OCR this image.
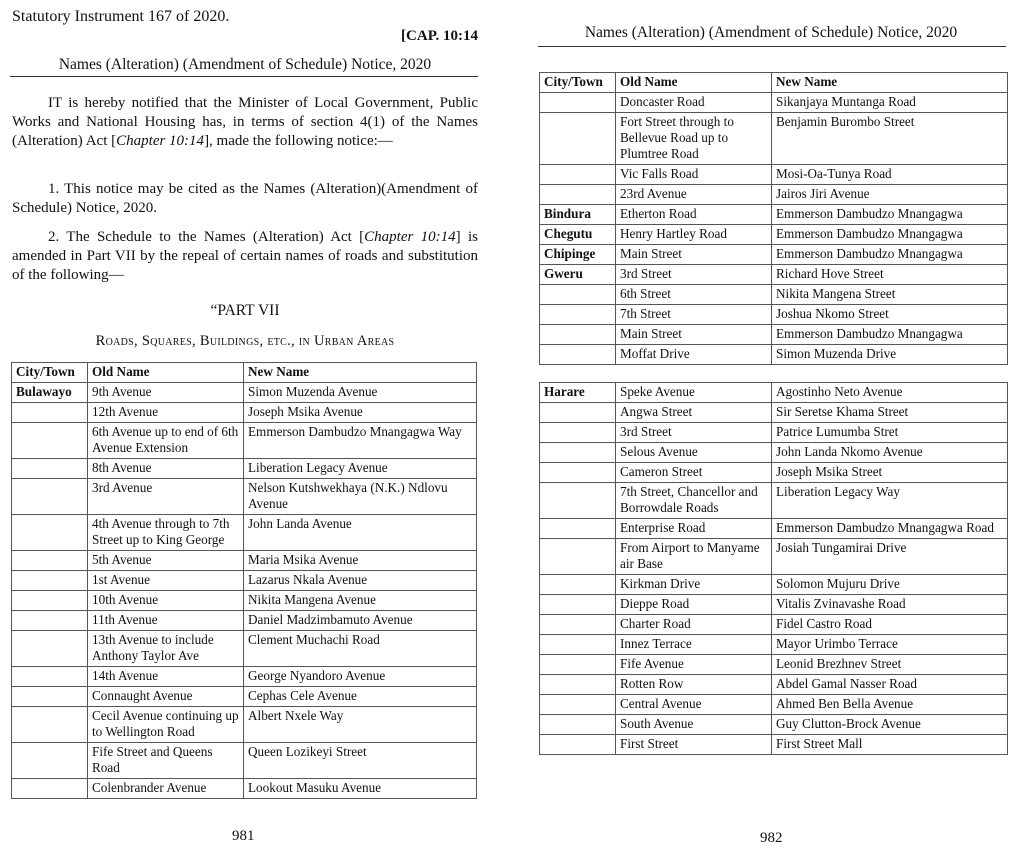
Statutory Instrument 167 of 2020.
[CAP. 10:14
Names (Alteration) (Amendment of Schedule) Notice, 2020

IT is hereby notified that the Minister of Local Government, Public Works and National Housing has, in terms of section 4(1) of the Names (Alteration) Act [Chapter 10:14], made the following notice:—

1. This notice may be cited as the Names (Alteration)(Amendment of Schedule) Notice, 2020.

2. The Schedule to the Names (Alteration) Act [Chapter 10:14] is amended in Part VII by the repeal of certain names of roads and substitution of the following—

“PART VII
Roads, Squares, Buildings, etc., in Urban Areas
City/Town	Old Name	New Name
Bulawayo	9th Avenue	Simon Muzenda Avenue
	12th Avenue	Joseph Msika Avenue
	6th Avenue up to end of 6th Avenue Extension	Emmerson Dambudzo Mnangagwa Way
	8th Avenue	Liberation Legacy Avenue
	3rd Avenue	Nelson Kutshwekhaya (N.K.) Ndlovu Avenue
	4th Avenue through to 7th Street up to King George	John Landa Avenue
	5th Avenue	Maria Msika Avenue
	1st Avenue	Lazarus Nkala Avenue
	10th Avenue	Nikita Mangena Avenue
	11th Avenue	Daniel Madzimbamuto Avenue
	13th Avenue to include Anthony Taylor Ave	Clement Muchachi Road
	14th Avenue	George Nyandoro Avenue
	Connaught Avenue	Cephas Cele Avenue
	Cecil Avenue continuing up to Wellington Road	Albert Nxele Way
	Fife Street and Queens Road	Queen Lozikeyi Street
	Colenbrander Avenue	Lookout Masuku Avenue
981
Names (Alteration) (Amendment of Schedule) Notice, 2020
City/Town	Old Name	New Name
	Doncaster Road	Sikanjaya Muntanga Road
	Fort Street through to Bellevue Road up to Plumtree Road	Benjamin Burombo Street
	Vic Falls Road	Mosi-Oa-Tunya Road
	23rd Avenue	Jairos Jiri Avenue
Bindura	Etherton Road	Emmerson Dambudzo Mnangagwa
Chegutu	Henry Hartley Road	Emmerson Dambudzo Mnangagwa
Chipinge	Main Street	Emmerson Dambudzo Mnangagwa
Gweru	3rd Street	Richard Hove Street
	6th Street	Nikita Mangena Street
	7th Street	Joshua Nkomo Street
	Main Street	Emmerson Dambudzo Mnangagwa
	Moffat Drive	Simon Muzenda Drive
Harare	Speke Avenue	Agostinho Neto Avenue
	Angwa Street	Sir Seretse Khama Street
	3rd Street	Patrice Lumumba Stret
	Selous Avenue	John Landa Nkomo Avenue
	Cameron Street	Joseph Msika Street
	7th Street, Chancellor and Borrowdale Roads	Liberation Legacy Way
	Enterprise Road	Emmerson Dambudzo Mnangagwa Road
	From Airport to Manyame air Base	Josiah Tungamirai Drive
	Kirkman Drive	Solomon Mujuru Drive
	Dieppe Road	Vitalis Zvinavashe Road
	Charter Road	Fidel Castro Road
	Innez Terrace	Mayor Urimbo Terrace
	Fife Avenue	Leonid Brezhnev Street
	Rotten Row	Abdel Gamal Nasser Road
	Central Avenue	Ahmed Ben Bella Avenue
	South Avenue	Guy Clutton-Brock Avenue
	First Street	First Street Mall
982
